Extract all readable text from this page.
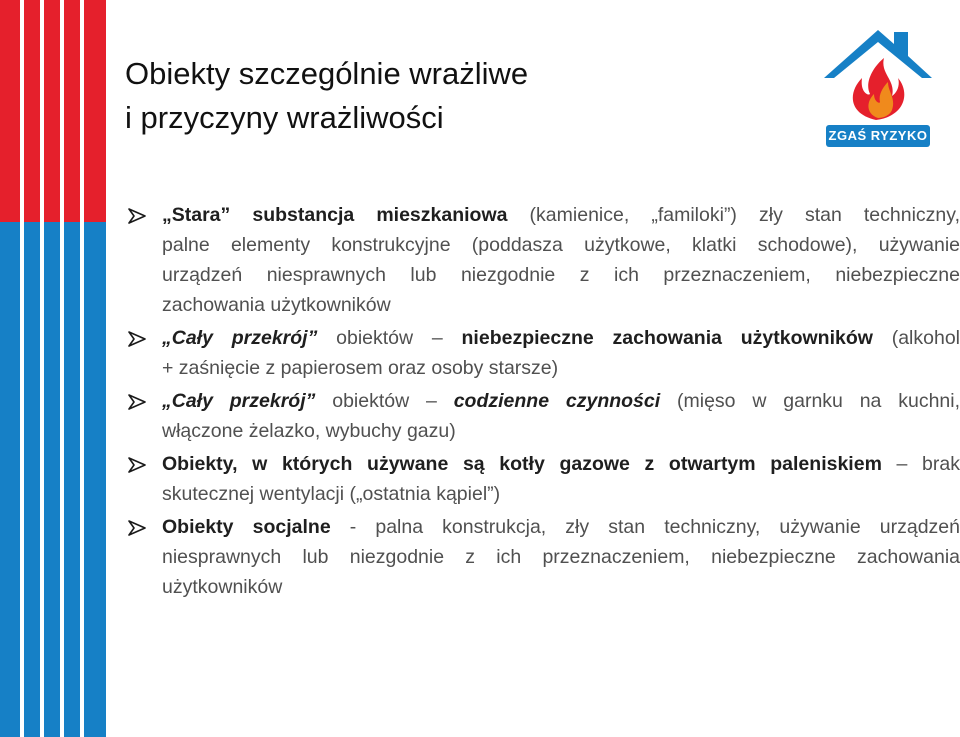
Obiekty szczególnie wrażliwe
i przyczyny wrażliwości
ZGAŚ RYZYKO
„Stara” substancja mieszkaniowa (kamienice, „familoki”) zły stan techniczny,
palne elementy konstrukcyjne (poddasza użytkowe, klatki schodowe), używanie
urządzeń niesprawnych lub niezgodnie z ich przeznaczeniem, niebezpieczne
zachowania użytkowników
„Cały przekrój” obiektów – niebezpieczne zachowania użytkowników (alkohol
+ zaśnięcie z papierosem oraz osoby starsze)
„Cały przekrój” obiektów – codzienne czynności (mięso w garnku na kuchni,
włączone żelazko, wybuchy gazu)
Obiekty, w których używane są kotły gazowe z otwartym paleniskiem – brak
skutecznej wentylacji („ostatnia kąpiel”)
Obiekty socjalne - palna konstrukcja, zły stan techniczny, używanie urządzeń
niesprawnych lub niezgodnie z ich przeznaczeniem, niebezpieczne zachowania
użytkowników
